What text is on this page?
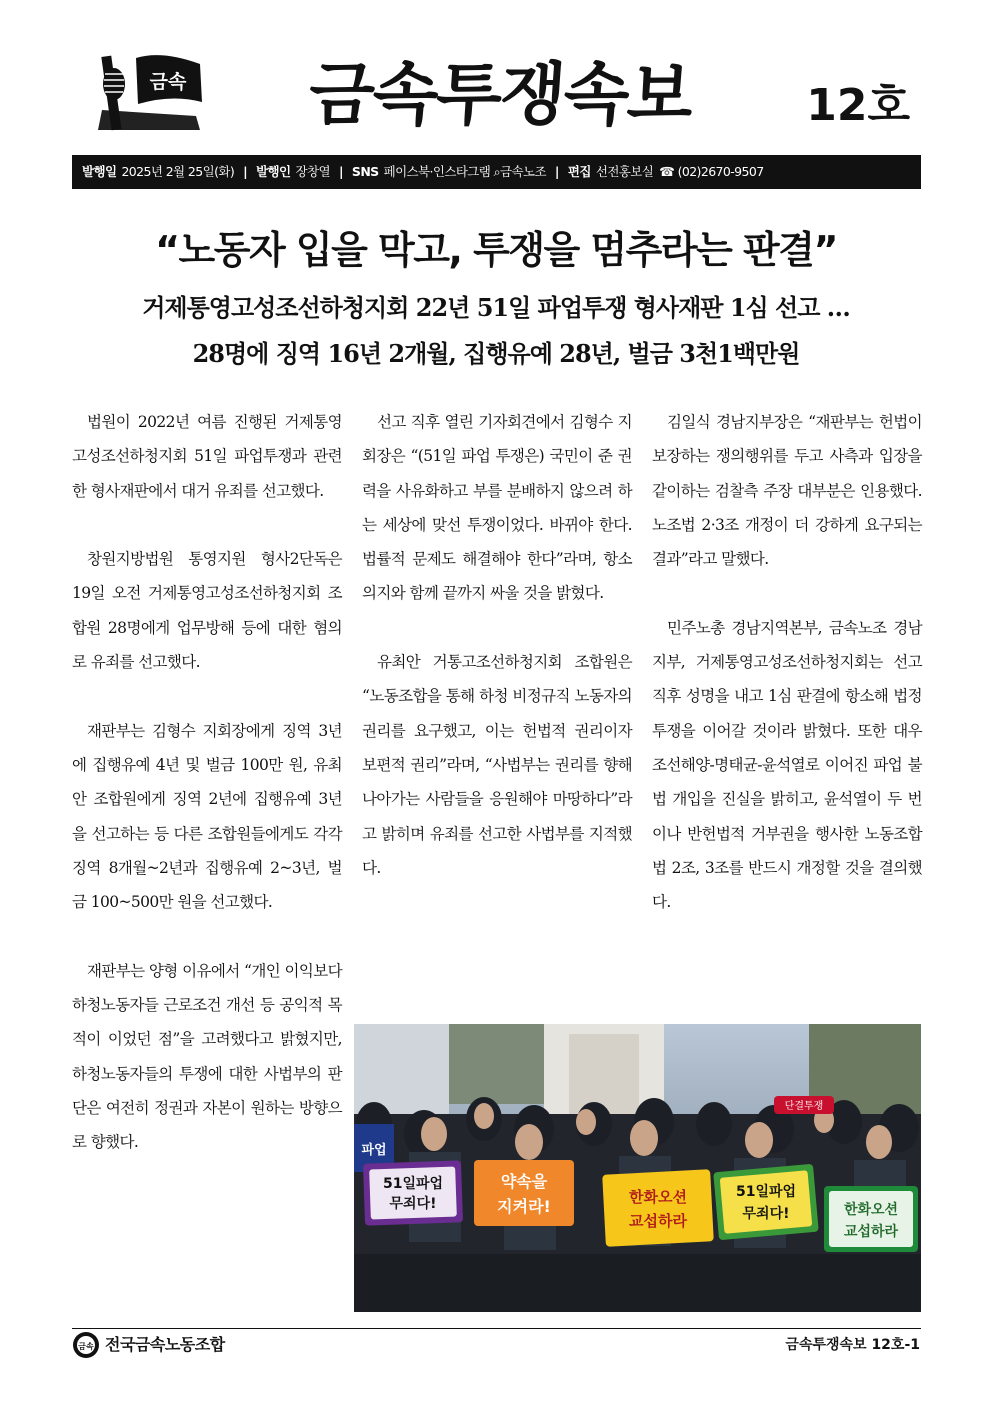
금속 금속투쟁속보	12호
발행일 2025년 2월 25일(화) | 발행인 장창열 | SNS 페이스북·인스타그램 ⌕금속노조 | 편집 선전홍보실 ☎ (02)2670-9507
“노동자 입을 막고, 투쟁을 멈추라는 판결”
거제통영고성조선하청지회 22년 51일 파업투쟁 형사재판 1심 선고 …
28명에 징역 16년 2개월, 집행유예 28년, 벌금 3천1백만원

법원이 2022년 여름 진행된 거제통영고성조선하청지회 51일 파업투쟁과 관련한 형사재판에서 대거 유죄를 선고했다.

창원지방법원 통영지원 형사2단독은 19일 오전 거제통영고성조선하청지회 조합원 28명에게 업무방해 등에 대한 혐의로 유죄를 선고했다.

재판부는 김형수 지회장에게 징역 3년에 집행유예 4년 및 벌금 100만 원, 유최안 조합원에게 징역 2년에 집행유예 3년을 선고하는 등 다른 조합원들에게도 각각 징역 8개월~2년과 집행유예 2~3년, 벌금 100~500만 원을 선고했다.

재판부는 양형 이유에서 “개인 이익보다 하청노동자들 근로조건 개선 등 공익적 목적이 이었던 점”을 고려했다고 밝혔지만, 하청노동자들의 투쟁에 대한 사법부의 판단은 여전히 정권과 자본이 원하는 방향으로 향했다.

선고 직후 열린 기자회견에서 김형수 지회장은 “(51일 파업 투쟁은) 국민이 준 권력을 사유화하고 부를 분배하지 않으려 하는 세상에 맞선 투쟁이었다. 바뀌야 한다. 법률적 문제도 해결해야 한다”라며, 항소 의지와 함께 끝까지 싸울 것을 밝혔다.

유최안 거통고조선하청지회 조합원은 “노동조합을 통해 하청 비정규직 노동자의 권리를 요구했고, 이는 헌법적 권리이자 보편적 권리”라며, “사법부는 권리를 향해 나아가는 사람들을 응원해야 마땅하다”라고 밝히며 유죄를 선고한 사법부를 지적했다.

김일식 경남지부장은 “재판부는 헌법이 보장하는 쟁의행위를 두고 사측과 입장을 같이하는 검찰측 주장 대부분은 인용했다. 노조법 2·3조 개정이 더 강하게 요구되는 결과”라고 말했다.

민주노총 경남지역본부, 금속노조 경남지부, 거제통영고성조선하청지회는 선고 직후 성명을 내고 1심 판결에 항소해 법정 투쟁을 이어갈 것이라 밝혔다. 또한 대우조선해양-명태균-윤석열로 이어진 파업 불법 개입을 진실을 밝히고, 윤석열이 두 번이나 반헌법적 거부권을 행사한 노동조합법 2조, 3조를 반드시 개정할 것을 결의했다.

파업
단결투쟁
51일파업
무죄다!
약속을
지켜라!	한화오션
교섭하라
51일파업
무죄다!	한화오션
교섭하라
금속 전국금속노동조합	금속투쟁속보 12호-1
